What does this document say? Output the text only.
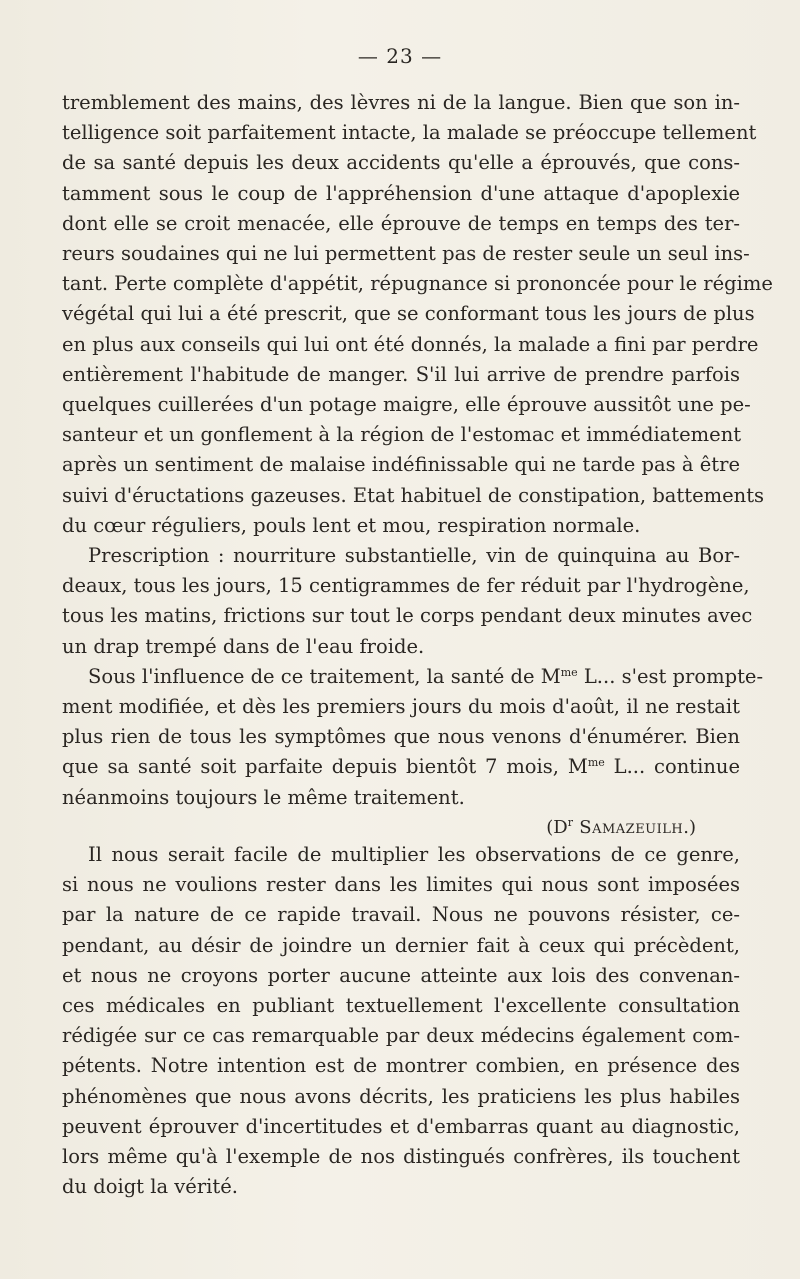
— 23 —
tremblement des mains, des lèvres ni de la langue. Bien que son in-
telligence soit parfaitement intacte, la malade se préoccupe tellement
de sa santé depuis les deux accidents qu'elle a éprouvés, que cons-
tamment sous le coup de l'appréhension d'une attaque d'apoplexie
dont elle se croit menacée, elle éprouve de temps en temps des ter-
reurs soudaines qui ne lui permettent pas de rester seule un seul ins-
tant. Perte complète d'appétit, répugnance si prononcée pour le régime
végétal qui lui a été prescrit, que se conformant tous les jours de plus
en plus aux conseils qui lui ont été donnés, la malade a fini par perdre
entièrement l'habitude de manger. S'il lui arrive de prendre parfois
quelques cuillerées d'un potage maigre, elle éprouve aussitôt une pe-
santeur et un gonflement à la région de l'estomac et immédiatement
après un sentiment de malaise indéfinissable qui ne tarde pas à être
suivi d'éructations gazeuses. Etat habituel de constipation, battements
du cœur réguliers, pouls lent et mou, respiration normale.
Prescription : nourriture substantielle, vin de quinquina au Bor-
deaux, tous les jours, 15 centigrammes de fer réduit par l'hydrogène,
tous les matins, frictions sur tout le corps pendant deux minutes avec
un drap trempé dans de l'eau froide.
Sous l'influence de ce traitement, la santé de $M^{me}$ L... s'est prompte-
ment modifiée, et dès les premiers jours du mois d'août, il ne restait
plus rien de tous les symptômes que nous venons d'énumérer. Bien
que sa santé soit parfaite depuis bientôt 7 mois, $M^{me}$ L... continue
néanmoins toujours le même traitement.
($D^r$ Samazeuilh.)
Il nous serait facile de multiplier les observations de ce genre,
si nous ne voulions rester dans les limites qui nous sont imposées
par la nature de ce rapide travail. Nous ne pouvons résister, ce-
pendant, au désir de joindre un dernier fait à ceux qui précèdent,
et nous ne croyons porter aucune atteinte aux lois des convenan-
ces médicales en publiant textuellement l'excellente consultation
rédigée sur ce cas remarquable par deux médecins également com-
pétents. Notre intention est de montrer combien, en présence des
phénomènes que nous avons décrits, les praticiens les plus habiles
peuvent éprouver d'incertitudes et d'embarras quant au diagnostic,
lors même qu'à l'exemple de nos distingués confrères, ils touchent
du doigt la vérité.
